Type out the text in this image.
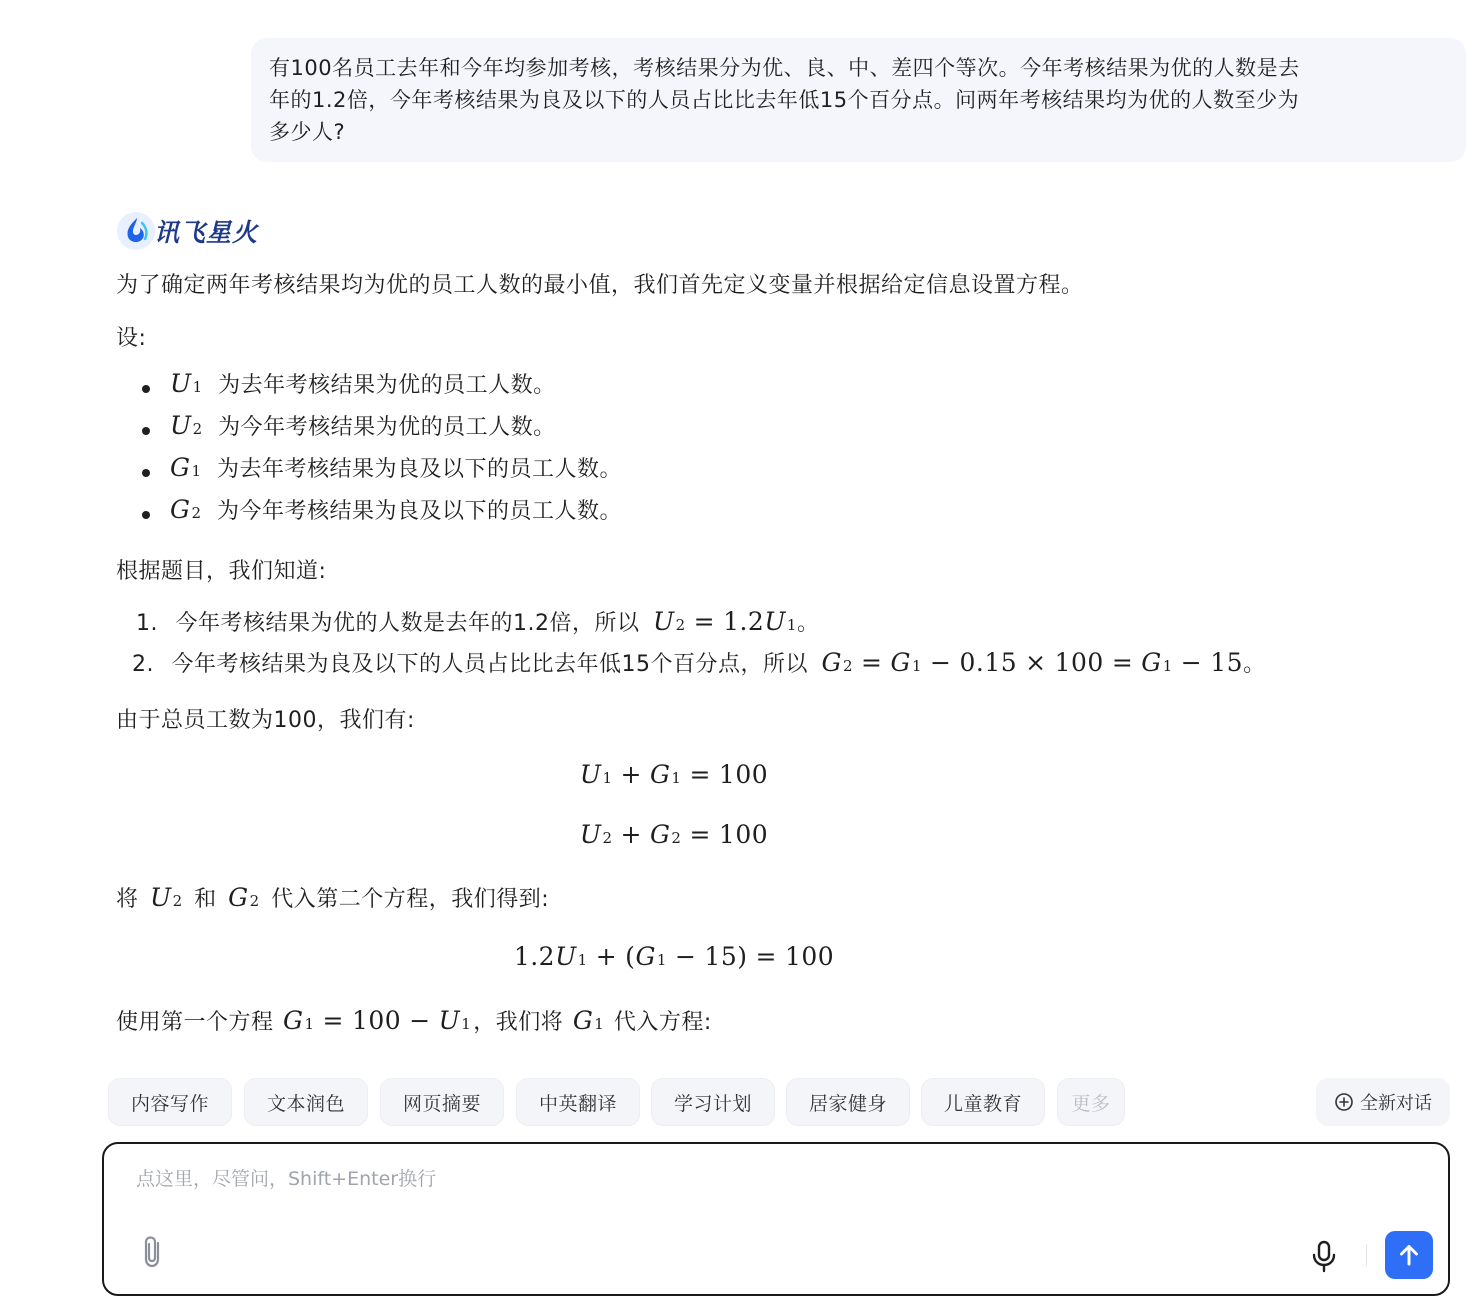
有100名员工去年和今年均参加考核，考核结果分为优、良、中、差四个等次。今年考核结果为优的人数是去
年的1.2倍，今年考核结果为良及以下的人员占比比去年低15个百分点。问两年考核结果均为优的人数至少为
多少人?
讯飞星火
为了确定两年考核结果均为优的员工人数的最小值，我们首先定义变量并根据给定信息设置方程。
设:
U1 为去年考核结果为优的员工人数。
U2 为今年考核结果为优的员工人数。
G1 为去年考核结果为良及以下的员工人数。
G2 为今年考核结果为良及以下的员工人数。
根据题目，我们知道:
1. 今年考核结果为优的人数是去年的1.2倍，所以 U2 = 1.2U1。
2. 今年考核结果为良及以下的人员占比比去年低15个百分点，所以 G2 = G1 − 0.15 × 100 = G1 − 15。
由于总员工数为100，我们有:
U1 + G1 = 100
U2 + G2 = 100
将 U2 和 G2 代入第二个方程，我们得到:
1.2U1 + (G1 − 15) = 100
使用第一个方程 G1 = 100 − U1，我们将 G1 代入方程:
内容写作	文本润色	网页摘要	中英翻译	学习计划	居家健身	儿童教育	更多	全新对话
点这里，尽管问，Shift+Enter换行
